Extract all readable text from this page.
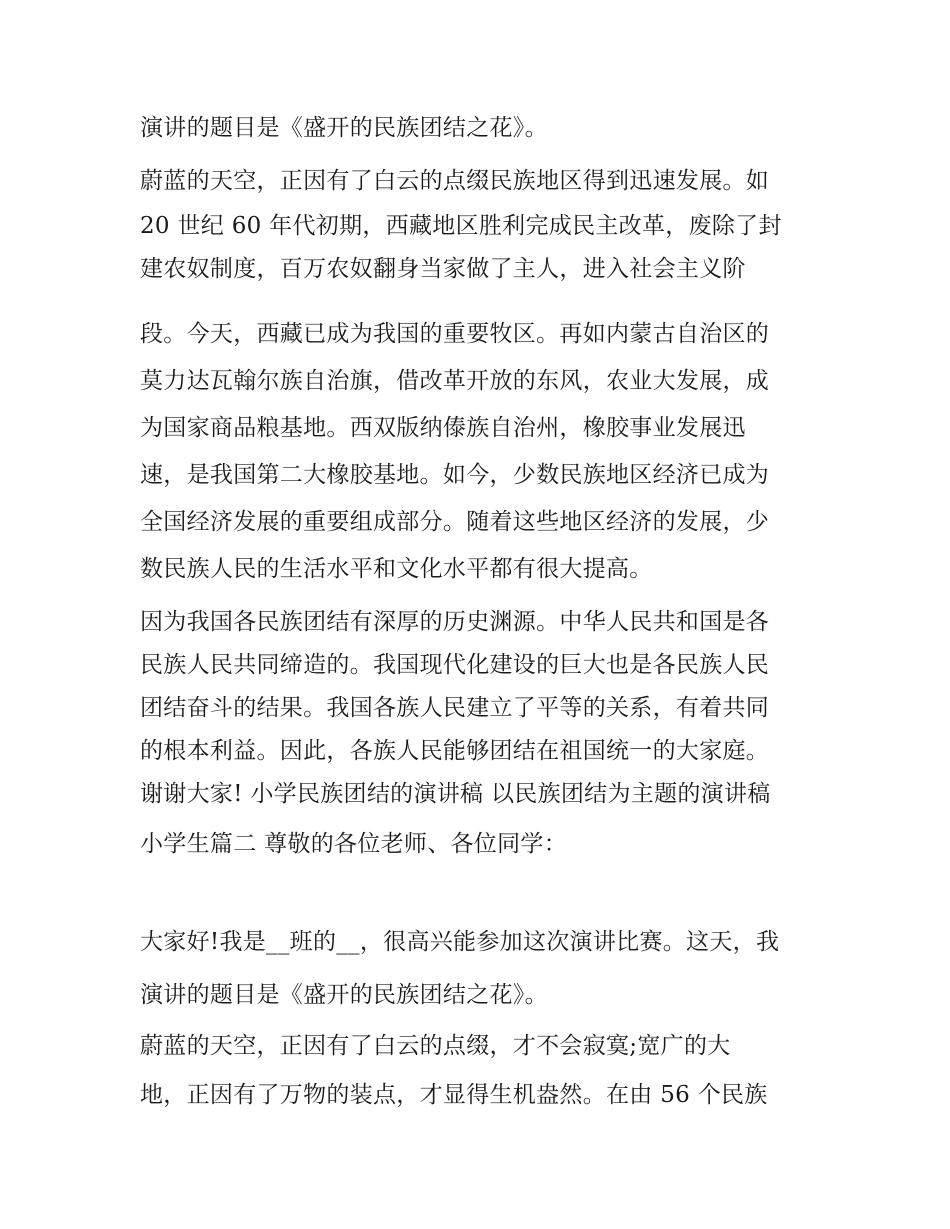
演讲的题目是《盛开的民族团结之花》。
蔚蓝的天空，正因有了白云的点缀民族地区得到迅速发展。如
20 世纪 60 年代初期，西藏地区胜利完成民主改革，废除了封
建农奴制度，百万农奴翻身当家做了主人，进入社会主义阶
段。今天，西藏已成为我国的重要牧区。再如内蒙古自治区的
莫力达瓦翰尔族自治旗，借改革开放的东风，农业大发展，成
为国家商品粮基地。西双版纳傣族自治州，橡胶事业发展迅
速，是我国第二大橡胶基地。如今，少数民族地区经济已成为
全国经济发展的重要组成部分。随着这些地区经济的发展，少
数民族人民的生活水平和文化水平都有很大提高。
因为我国各民族团结有深厚的历史渊源。中华人民共和国是各
民族人民共同缔造的。我国现代化建设的巨大也是各民族人民
团结奋斗的结果。我国各族人民建立了平等的关系，有着共同
的根本利益。因此，各族人民能够团结在祖国统一的大家庭。
谢谢大家! 小学民族团结的演讲稿 以民族团结为主题的演讲稿
小学生篇二 尊敬的各位老师、各位同学：
大家好!我是__班的__，很高兴能参加这次演讲比赛。这天，我
演讲的题目是《盛开的民族团结之花》。
蔚蓝的天空，正因有了白云的点缀，才不会寂寞;宽广的大
地，正因有了万物的装点，才显得生机盎然。在由 56 个民族
